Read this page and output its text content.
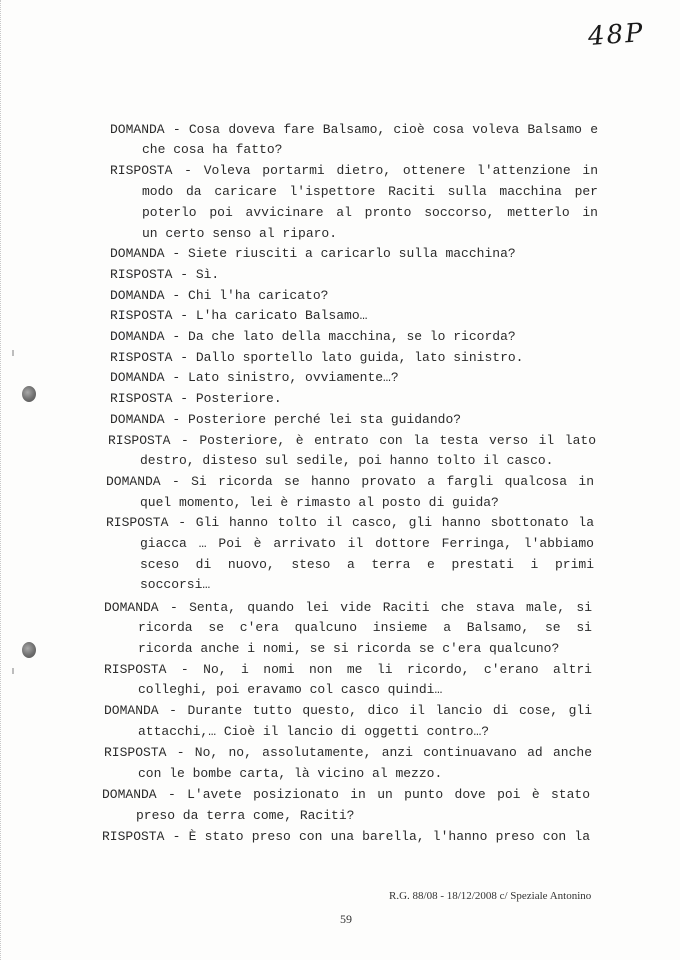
48P
DOMANDA - Cosa doveva fare Balsamo, cioè cosa voleva Balsamo e
che cosa ha fatto?
RISPOSTA - Voleva portarmi dietro, ottenere l'attenzione in
modo da caricare l'ispettore Raciti sulla macchina per
poterlo poi avvicinare al pronto soccorso, metterlo in
un certo senso al riparo.
DOMANDA - Siete riusciti a caricarlo sulla macchina?
RISPOSTA - Sì.
DOMANDA - Chi l'ha caricato?
RISPOSTA - L'ha caricato Balsamo…
DOMANDA - Da che lato della macchina, se lo ricorda?
RISPOSTA - Dallo sportello lato guida, lato sinistro.
DOMANDA - Lato sinistro, ovviamente…?
RISPOSTA - Posteriore.
DOMANDA - Posteriore perché lei sta guidando?
RISPOSTA - Posteriore, è entrato con la testa verso il lato
destro, disteso sul sedile, poi hanno tolto il casco.
DOMANDA - Si ricorda se hanno provato a fargli qualcosa in
quel momento, lei è rimasto al posto di guida?
RISPOSTA - Gli hanno tolto il casco, gli hanno sbottonato la
giacca … Poi è arrivato il dottore Ferringa, l'abbiamo
sceso di nuovo, steso a terra e prestati i primi
soccorsi…
DOMANDA - Senta, quando lei vide Raciti che stava male, si
ricorda se c'era qualcuno insieme a Balsamo, se si
ricorda anche i nomi, se si ricorda se c'era qualcuno?
RISPOSTA - No, i nomi non me li ricordo, c'erano altri
colleghi, poi eravamo col casco quindi…
DOMANDA - Durante tutto questo, dico il lancio di cose, gli
attacchi,… Cioè il lancio di oggetti contro…?
RISPOSTA - No, no, assolutamente, anzi continuavano ad anche
con le bombe carta, là vicino al mezzo.
DOMANDA - L'avete posizionato in un punto dove poi è stato
preso da terra come, Raciti?
RISPOSTA - È stato preso con una barella, l'hanno preso con la
R.G. 88/08 - 18/12/2008 c/ Speziale Antonino
59
